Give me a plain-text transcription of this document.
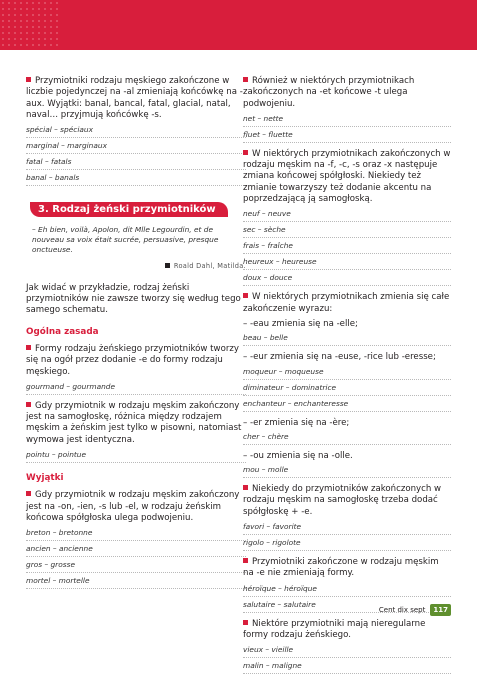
Przymiotniki rodzaju męskiego zakończone w liczbie pojedynczej na -al zmieniają końcówkę na -aux. Wyjątki: banal, bancal, fatal, glacial, natal, naval… przyjmują końcówkę -s.

spécial – spéciaux
marginal – marginaux
fatal – fatals
banal – banals
3. Rodzaj żeński przymiotników

– Eh bien, voilà, Apolon, dit Mlle Legourdin, et de nouveau sa voix était sucrée, persuasive, presque onctueuse.

Roald Dahl, Matilda.

Jak widać w przykładzie, rodzaj żeński przymiotników nie zawsze tworzy się według tego samego schematu.

Ogólna zasada

Formy rodzaju żeńskiego przymiotników tworzy się na ogół przez dodanie -e do formy rodzaju męskiego.

gourmand – gourmande

Gdy przymiotnik w rodzaju męskim zakończony jest na samogłoskę, różnica między rodzajem męskim a żeńskim jest tylko w pisowni, natomiast wymowa jest identyczna.

pointu – pointue
Wyjątki

Gdy przymiotnik w rodzaju męskim zakończony jest na -on, -ien, -s lub -el, w rodzaju żeńskim końcowa spółgłoska ulega podwojeniu.

breton – bretonne
ancien – ancienne
gros – grosse
mortel – mortelle

Również w niektórych przymiotnikach zakończonych na -et końcowe -t ulega podwojeniu.

net – nette
fluet – fluette

W niektórych przymiotnikach zakończonych w rodzaju męskim na -f, -c, -s oraz -x następuje zmiana końcowej spółgłoski. Niekiedy też zmianie towarzyszy też dodanie akcentu na poprzedzającą ją samogłoską.

neuf – neuve
sec – sèche
frais – fraîche
heureux – heureuse
doux – douce

W niektórych przymiotnikach zmienia się całe zakończenie wyrazu:

– -eau zmienia się na -elle;

beau – belle

– -eur zmienia się na -euse, -rice lub -eresse;

moqueur – moqueuse
diminateur – dominatrice
enchanteur – enchanteresse

– -er zmienia się na -ère;

cher – chère

– -ou zmienia się na -olle.

mou – molle

Niekiedy do przymiotników zakończonych w rodzaju męskim na samogłoskę trzeba dodać spółgłoskę + -e.

favori – favorite
rigolo – rigolote

Przymiotniki zakończone w rodzaju męskim na -e nie zmieniają formy.

héroïque – héroïque
salutaire – salutaire

Niektóre przymiotniki mają nieregularne formy rodzaju żeńskiego.

vieux – vieille
malin – maligne
Cent dix sept	117
